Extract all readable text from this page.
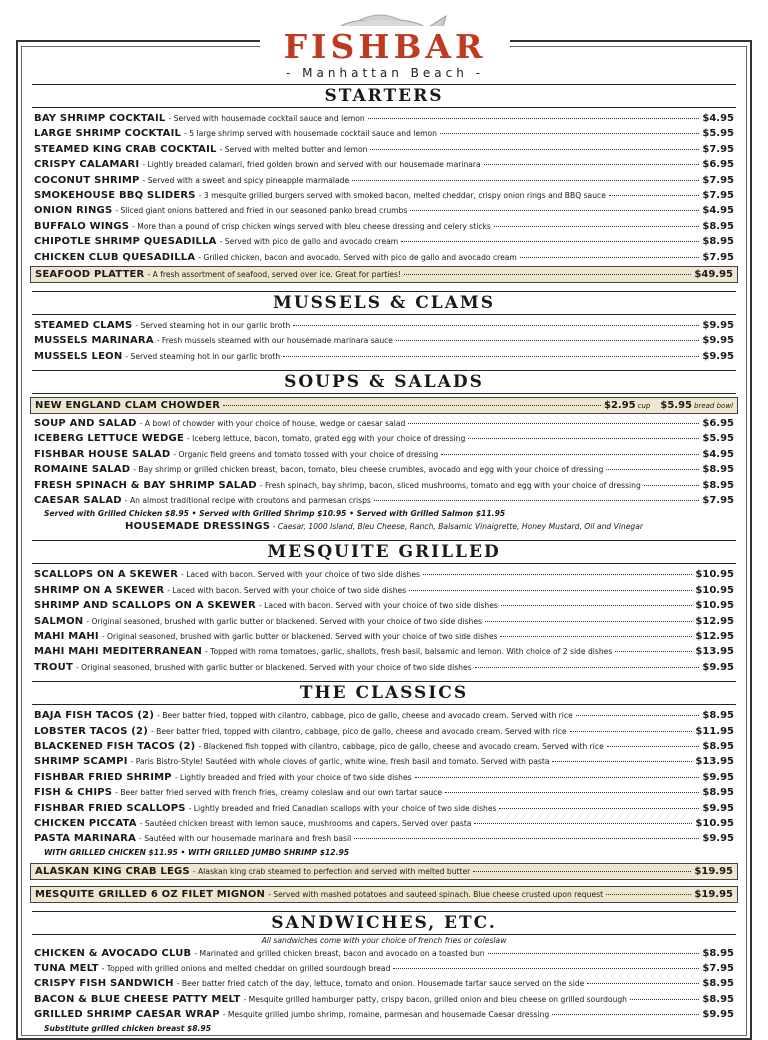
FISHBAR
- Manhattan Beach -
STARTERS
BAY SHRIMP COCKTAIL - Served with housemade cocktail sauce and lemon	$4.95
LARGE SHRIMP COCKTAIL - 5 large shrimp served with housemade cocktail sauce and lemon	$5.95
STEAMED KING CRAB COCKTAIL - Served with melted butter and lemon	$7.95
CRISPY CALAMARI - Lightly breaded calamari, fried golden brown and served with our housemade marinara	$6.95
COCONUT SHRIMP - Served with a sweet and spicy pineapple marmalade	$7.95
SMOKEHOUSE BBQ SLIDERS - 3 mesquite grilled burgers served with smoked bacon, melted cheddar, crispy onion rings and BBQ sauce	$7.95
ONION RINGS - Sliced giant onions battered and fried in our seasoned panko bread crumbs	$4.95
BUFFALO WINGS - More than a pound of crisp chicken wings served with bleu cheese dressing and celery sticks	$8.95
CHIPOTLE SHRIMP QUESADILLA - Served with pico de gallo and avocado cream	$8.95
CHICKEN CLUB QUESADILLA - Grilled chicken, bacon and avocado. Served with pico de gallo and avocado cream	$7.95
SEAFOOD PLATTER - A fresh assortment of seafood, served over ice. Great for parties!	$49.95
MUSSELS & CLAMS
STEAMED CLAMS - Served steaming hot in our garlic broth	$9.95
MUSSELS MARINARA - Fresh mussels steamed with our housemade marinara sauce	$9.95
MUSSELS LEON - Served steaming hot in our garlic broth	$9.95
SOUPS & SALADS
NEW ENGLAND CLAM CHOWDER	$2.95 cup $5.95 bread bowl
SOUP AND SALAD - A bowl of chowder with your choice of house, wedge or caesar salad	$6.95
ICEBERG LETTUCE WEDGE - Iceberg lettuce, bacon, tomato, grated egg with your choice of dressing	$5.95
FISHBAR HOUSE SALAD - Organic field greens and tomato tossed with your choice of dressing	$4.95
ROMAINE SALAD - Bay shrimp or grilled chicken breast, bacon, tomato, bleu cheese crumbles, avocado and egg with your choice of dressing	$8.95
FRESH SPINACH & BAY SHRIMP SALAD - Fresh spinach, bay shrimp, bacon, sliced mushrooms, tomato and egg with your choice of dressing	$8.95
CAESAR SALAD - An almost traditional recipe with croutons and parmesan crisps	$7.95
Served with Grilled Chicken $8.95 • Served with Grilled Shrimp $10.95 • Served with Grilled Salmon $11.95
HOUSEMADE DRESSINGS - Caesar, 1000 Island, Bleu Cheese, Ranch, Balsamic Vinaigrette, Honey Mustard, Oil and Vinegar
MESQUITE GRILLED
SCALLOPS ON A SKEWER - Laced with bacon. Served with your choice of two side dishes	$10.95
SHRIMP ON A SKEWER - Laced with bacon. Served with your choice of two side dishes	$10.95
SHRIMP AND SCALLOPS ON A SKEWER - Laced with bacon. Served with your choice of two side dishes	$10.95
SALMON - Original seasoned, brushed with garlic butter or blackened. Served with your choice of two side dishes	$12.95
MAHI MAHI - Original seasoned, brushed with garlic butter or blackened. Served with your choice of two side dishes	$12.95
MAHI MAHI MEDITERRANEAN - Topped with roma tomatoes, garlic, shallots, fresh basil, balsamic and lemon. With choice of 2 side dishes	$13.95
TROUT - Original seasoned, brushed with garlic butter or blackened. Served with your choice of two side dishes	$9.95
THE CLASSICS
BAJA FISH TACOS (2) - Beer batter fried, topped with cilantro, cabbage, pico de gallo, cheese and avocado cream. Served with rice	$8.95
LOBSTER TACOS (2) - Beer batter fried, topped with cilantro, cabbage, pico de gallo, cheese and avocado cream. Served with rice	$11.95
BLACKENED FISH TACOS (2) - Blackened fish topped with cilantro, cabbage, pico de gallo, cheese and avocado cream. Served with rice	$8.95
SHRIMP SCAMPI - Paris Bistro-Style! Sautéed with whole cloves of garlic, white wine, fresh basil and tomato. Served with pasta	$13.95
FISHBAR FRIED SHRIMP - Lightly breaded and fried with your choice of two side dishes	$9.95
FISH & CHIPS - Beer batter fried served with french fries, creamy coleslaw and our own tartar sauce	$8.95
FISHBAR FRIED SCALLOPS - Lightly breaded and fried Canadian scallops with your choice of two side dishes	$9.95
CHICKEN PICCATA - Sautéed chicken breast with lemon sauce, mushrooms and capers. Served over pasta	$10.95
PASTA MARINARA - Sautéed with our housemade marinara and fresh basil	$9.95
WITH GRILLED CHICKEN $11.95 • WITH GRILLED JUMBO SHRIMP $12.95
ALASKAN KING CRAB LEGS - Alaskan king crab steamed to perfection and served with melted butter	$19.95
MESQUITE GRILLED 6 OZ FILET MIGNON - Served with mashed potatoes and sauteed spinach. Blue cheese crusted upon request	$19.95
SANDWICHES, ETC.
All sandwiches come with your choice of french fries or coleslaw
CHICKEN & AVOCADO CLUB - Marinated and grilled chicken breast, bacon and avocado on a toasted bun	$8.95
TUNA MELT - Topped with grilled onions and melted cheddar on grilled sourdough bread	$7.95
CRISPY FISH SANDWICH - Beer batter fried catch of the day, lettuce, tomato and onion. Housemade tartar sauce served on the side	$8.95
BACON & BLUE CHEESE PATTY MELT - Mesquite grilled hamburger patty, crispy bacon, grilled onion and bleu cheese on grilled sourdough	$8.95
GRILLED SHRIMP CAESAR WRAP - Mesquite grilled jumbo shrimp, romaine, parmesan and housemade Caesar dressing	$9.95
Substitute grilled chicken breast $8.95
